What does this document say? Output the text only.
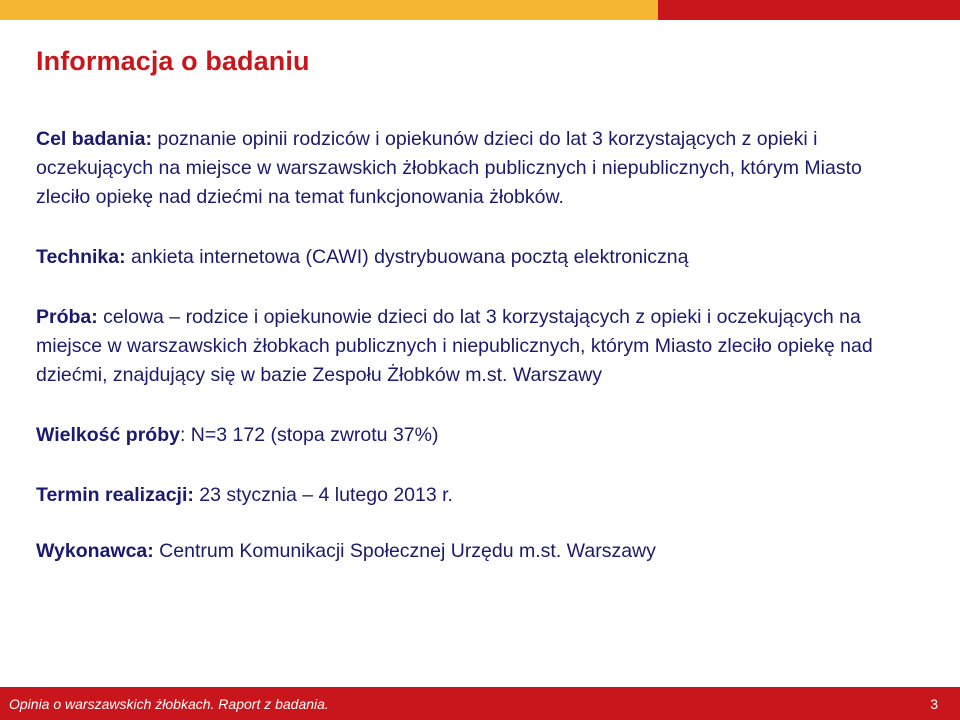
Informacja o badaniu

Cel badania: poznanie opinii rodziców i opiekunów dzieci do lat 3 korzystających z opieki i oczekujących na miejsce w warszawskich żłobkach publicznych i niepublicznych, którym Miasto zleciło opiekę nad dziećmi na temat funkcjonowania żłobków.

Technika: ankieta internetowa (CAWI) dystrybuowana pocztą elektroniczną

Próba: celowa – rodzice i opiekunowie dzieci do lat 3 korzystających z opieki i oczekujących na miejsce w warszawskich żłobkach publicznych i niepublicznych, którym Miasto zleciło opiekę nad dziećmi, znajdujący się w bazie Zespołu Żłobków m.st. Warszawy

Wielkość próby: N=3 172 (stopa zwrotu 37%)

Termin realizacji: 23 stycznia – 4 lutego 2013 r.

Wykonawca: Centrum Komunikacji Społecznej Urzędu m.st. Warszawy

Opinia o warszawskich żłobkach. Raport z badania.	3
